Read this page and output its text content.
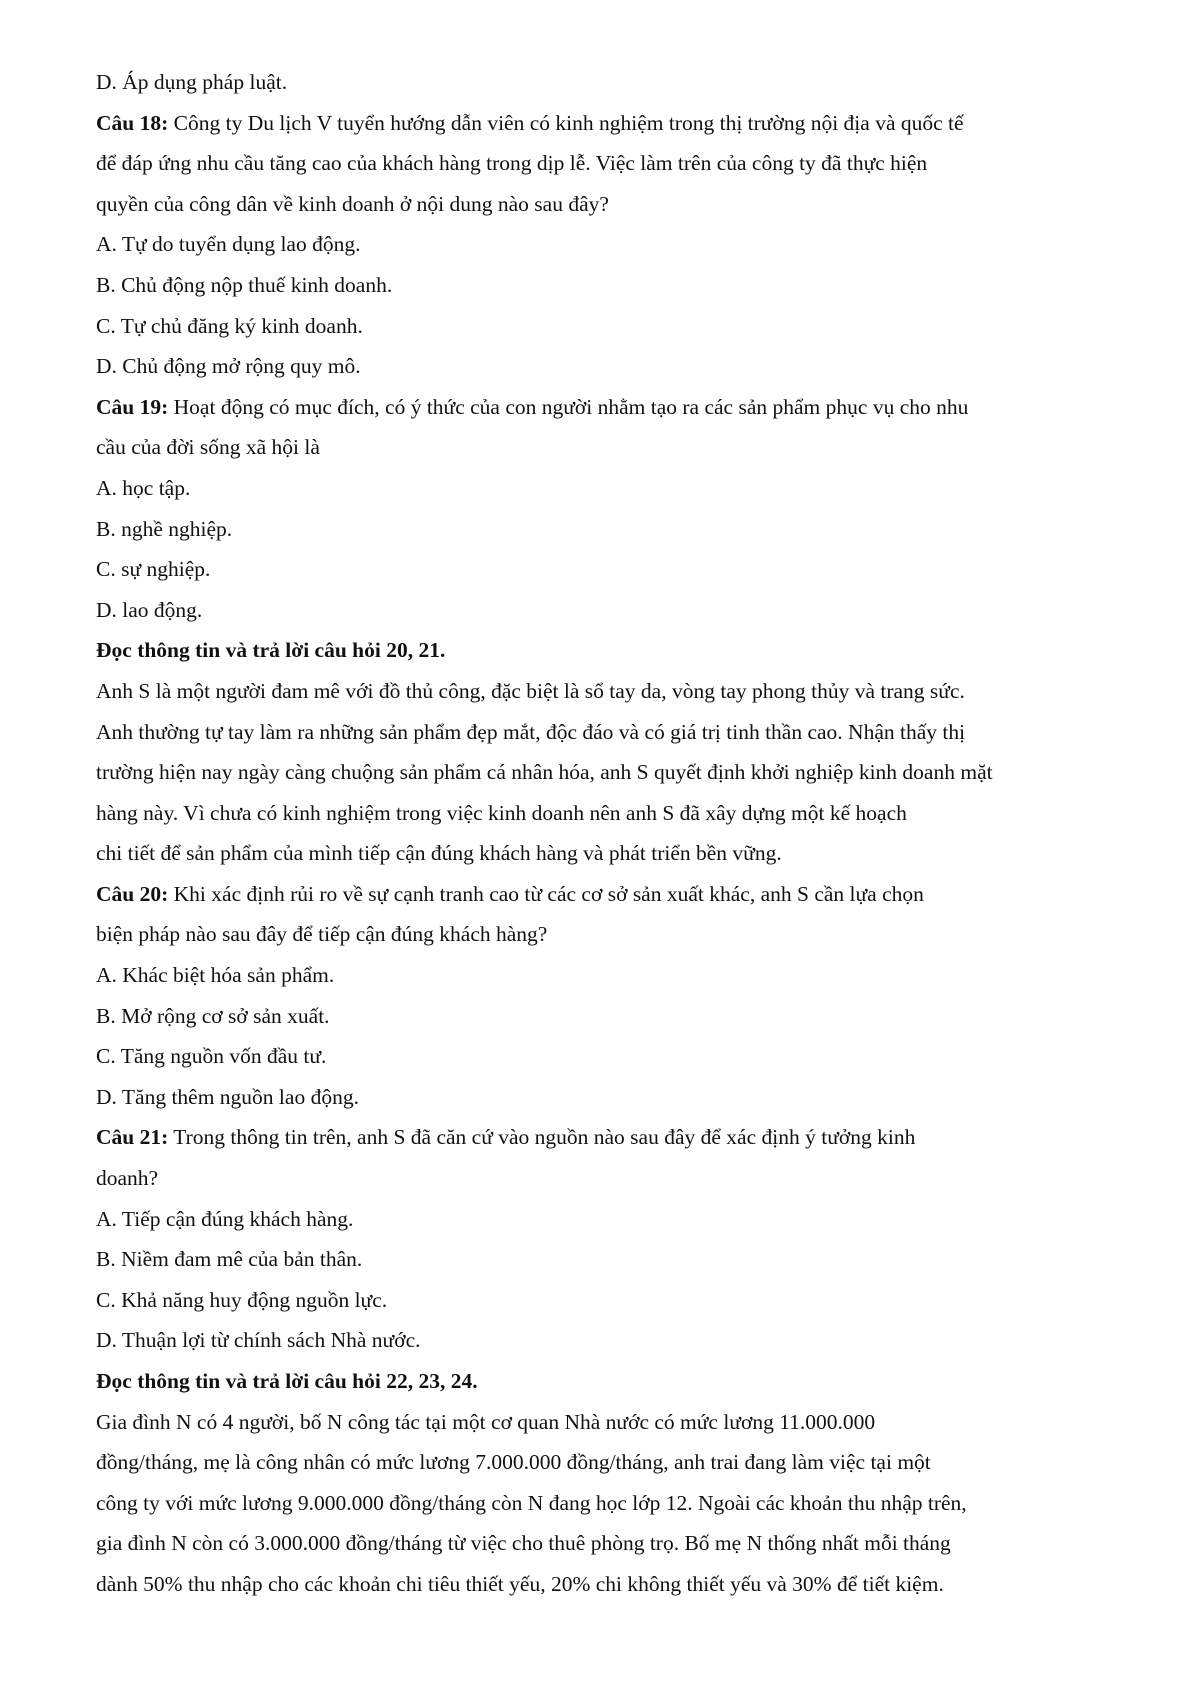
D. Áp dụng pháp luật.
Câu 18: Công ty Du lịch V tuyển hướng dẫn viên có kinh nghiệm trong thị trường nội địa và quốc tế
để đáp ứng nhu cầu tăng cao của khách hàng trong dịp lễ. Việc làm trên của công ty đã thực hiện
quyền của công dân về kinh doanh ở nội dung nào sau đây?
A. Tự do tuyển dụng lao động.
B. Chủ động nộp thuế kinh doanh.
C. Tự chủ đăng ký kinh doanh.
D. Chủ động mở rộng quy mô.
Câu 19: Hoạt động có mục đích, có ý thức của con người nhằm tạo ra các sản phẩm phục vụ cho nhu
cầu của đời sống xã hội là
A. học tập.
B. nghề nghiệp.
C. sự nghiệp.
D. lao động.
Đọc thông tin và trả lời câu hỏi 20, 21.
Anh S là một người đam mê với đồ thủ công, đặc biệt là sổ tay da, vòng tay phong thủy và trang sức.
Anh thường tự tay làm ra những sản phẩm đẹp mắt, độc đáo và có giá trị tinh thần cao. Nhận thấy thị
trường hiện nay ngày càng chuộng sản phẩm cá nhân hóa, anh S quyết định khởi nghiệp kinh doanh mặt
hàng này. Vì chưa có kinh nghiệm trong việc kinh doanh nên anh S đã xây dựng một kế hoạch
chi tiết để sản phẩm của mình tiếp cận đúng khách hàng và phát triển bền vững.
Câu 20: Khi xác định rủi ro về sự cạnh tranh cao từ các cơ sở sản xuất khác, anh S cần lựa chọn
biện pháp nào sau đây để tiếp cận đúng khách hàng?
A. Khác biệt hóa sản phẩm.
B. Mở rộng cơ sở sản xuất.
C. Tăng nguồn vốn đầu tư.
D. Tăng thêm nguồn lao động.
Câu 21: Trong thông tin trên, anh S đã căn cứ vào nguồn nào sau đây để xác định ý tưởng kinh
doanh?
A. Tiếp cận đúng khách hàng.
B. Niềm đam mê của bản thân.
C. Khả năng huy động nguồn lực.
D. Thuận lợi từ chính sách Nhà nước.
Đọc thông tin và trả lời câu hỏi 22, 23, 24.
Gia đình N có 4 người, bố N công tác tại một cơ quan Nhà nước có mức lương 11.000.000
đồng/tháng, mẹ là công nhân có mức lương 7.000.000 đồng/tháng, anh trai đang làm việc tại một
công ty với mức lương 9.000.000 đồng/tháng còn N đang học lớp 12. Ngoài các khoản thu nhập trên,
gia đình N còn có 3.000.000 đồng/tháng từ việc cho thuê phòng trọ. Bố mẹ N thống nhất mỗi tháng
dành 50% thu nhập cho các khoản chi tiêu thiết yếu, 20% chi không thiết yếu và 30% để tiết kiệm.
